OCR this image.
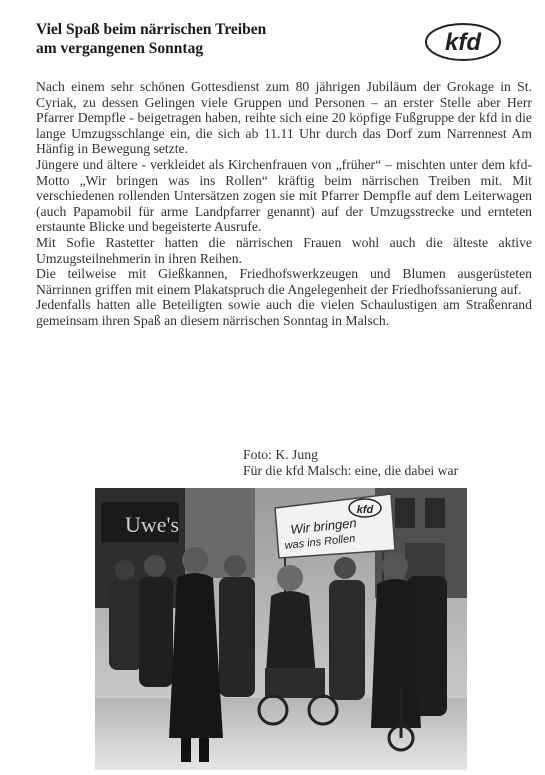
Viel Spaß beim närrischen Treiben
am vergangenen Sonntag	kfd

Nach einem sehr schönen Gottesdienst zum 80 jährigen Jubiläum der Grokage in St. Cyriak, zu dessen Gelingen viele Gruppen und Personen – an erster Stelle aber Herr Pfarrer Dempfle - beigetragen haben, reihte sich eine 20 köpfige Fußgruppe der kfd in die lange Umzugsschlange ein, die sich ab 11.11 Uhr durch das Dorf zum Narrennest Am Hänfig in Bewegung setzte.

Jüngere und ältere - verkleidet als Kirchenfrauen von „früher“ – mischten unter dem kfd-Motto „Wir bringen was ins Rollen“ kräftig beim närrischen Treiben mit. Mit verschiedenen rollenden Untersätzen zogen sie mit Pfarrer Dempfle auf dem Leiterwagen (auch Papamobil für arme Landpfarrer genannt) auf der Umzugsstrecke und ernteten erstaunte Blicke und begeisterte Ausrufe.

Mit Sofie Rastetter hatten die närrischen Frauen wohl auch die älteste aktive Umzugsteilnehmerin in ihren Reihen.

Die teilweise mit Gießkannen, Friedhofswerkzeugen und Blumen ausgerüsteten Närrinnen griffen mit einem Plakatspruch die Angelegenheit der Friedhofssanierung auf.

Jedenfalls hatten alle Beteiligten sowie auch die vielen Schaulustigen am Straßenrand gemeinsam ihren Spaß an diesem närrischen Sonntag in Malsch.

Foto: K. Jung
Für die kfd Malsch: eine, die dabei war
Uwe's
kfd
Wir bringen
was ins Rollen
